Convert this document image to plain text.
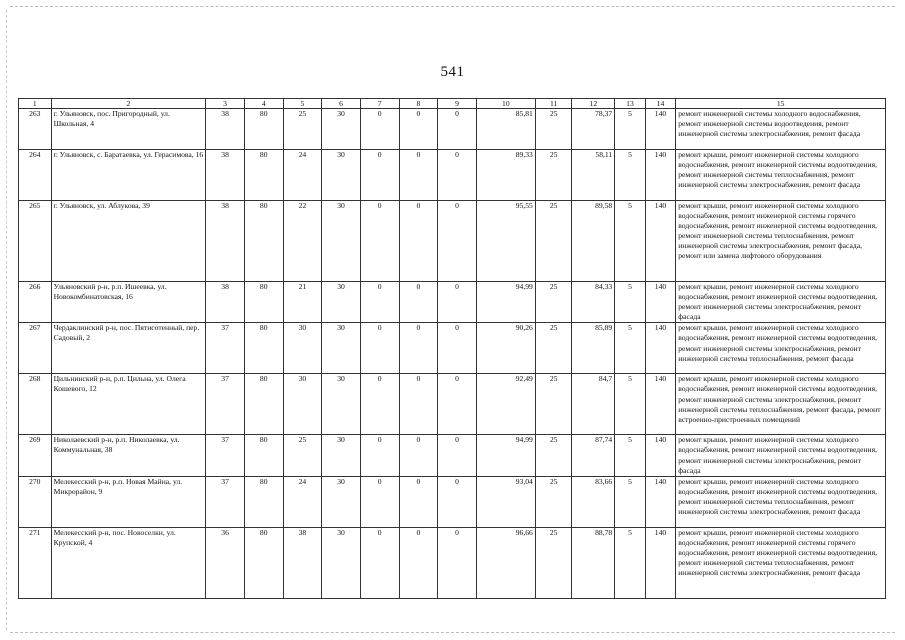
541
1	2	3	4	5	6	7	8	9	10	11	12	13	14	15
263	г. Ульяновск, пос. Пригородный, ул. Школьная, 4	38	80	25	30	0	0	0	85,81	25	78,37	5	140	ремонт инженерной системы холодного водоснабжения, ремонт инженерной системы водоотведения, ремонт инженерной системы электроснабжения, ремонт фасада
264	г. Ульяновск, с. Баратаевка, ул. Герасимова, 16	38	80	24	30	0	0	0	89,33	25	58,11	5	140	ремонт крыши, ремонт инженерной системы холодного водоснабжения, ремонт инженерной системы водоотведения, ремонт инженерной системы теплоснабжения, ремонт инженерной системы электроснабжения, ремонт фасада
265	г. Ульяновск, ул. Аблукова, 39	38	80	22	30	0	0	0	95,55	25	89,58	5	140	ремонт крыши, ремонт инженерной системы холодного водоснабжения, ремонт инженерной системы горячего водоснабжения, ремонт инженерной системы водоотведения, ремонт инженерной системы теплоснабжения, ремонт инженерной системы электроснабжения, ремонт фасада, ремонт или замена лифтового оборудования
266	Ульяновский р-н, р.п. Ишеевка, ул. Новокомбинатовская, 16	38	80	21	30	0	0	0	94,99	25	84,33	5	140	ремонт крыши, ремонт инженерной системы холодного водоснабжения, ремонт инженерной системы водоотведения, ремонт инженерной системы электроснабжения, ремонт фасада
267	Чердаклинский р-н, пос. Пятисотенный, пер. Садовый, 2	37	80	30	30	0	0	0	90,26	25	85,89	5	140	ремонт крыши, ремонт инженерной системы холодного водоснабжения, ремонт инженерной системы водоотведения, ремонт инженерной системы электроснабжения, ремонт инженерной системы теплоснабжения, ремонт фасада
268	Цильнинский р-н, р.п. Цильна, ул. Олега Кошевого, 12	37	80	30	30	0	0	0	92,49	25	84,7	5	140	ремонт крыши, ремонт инженерной системы холодного водоснабжения, ремонт инженерной системы водоотведения, ремонт инженерной системы электроснабжения, ремонт инженерной системы теплоснабжения, ремонт фасада, ремонт встроенно-пристроенных помещений
269	Николаевский р-н, р.п. Николаевка, ул. Коммунальная, 38	37	80	25	30	0	0	0	94,99	25	87,74	5	140	ремонт крыши, ремонт инженерной системы холодного водоснабжения, ремонт инженерной системы водоотведения, ремонт инженерной системы электроснабжения, ремонт фасада
270	Мелекесский р-н, р.п. Новая Майна, ул. Микрорайон, 9	37	80	24	30	0	0	0	93,04	25	83,66	5	140	ремонт крыши, ремонт инженерной системы холодного водоснабжения, ремонт инженерной системы водоотведения, ремонт инженерной системы теплоснабжения, ремонт инженерной системы электроснабжения, ремонт фасада
271	Мелекесский р-н, пос. Новоселки, ул. Крупской, 4	36	80	38	30	0	0	0	96,66	25	88,78	5	140	ремонт крыши, ремонт инженерной системы холодного водоснабжения, ремонт инженерной системы горячего водоснабжения, ремонт инженерной системы водоотведения, ремонт инженерной системы теплоснабжения, ремонт инженерной системы электроснабжения, ремонт фасада
